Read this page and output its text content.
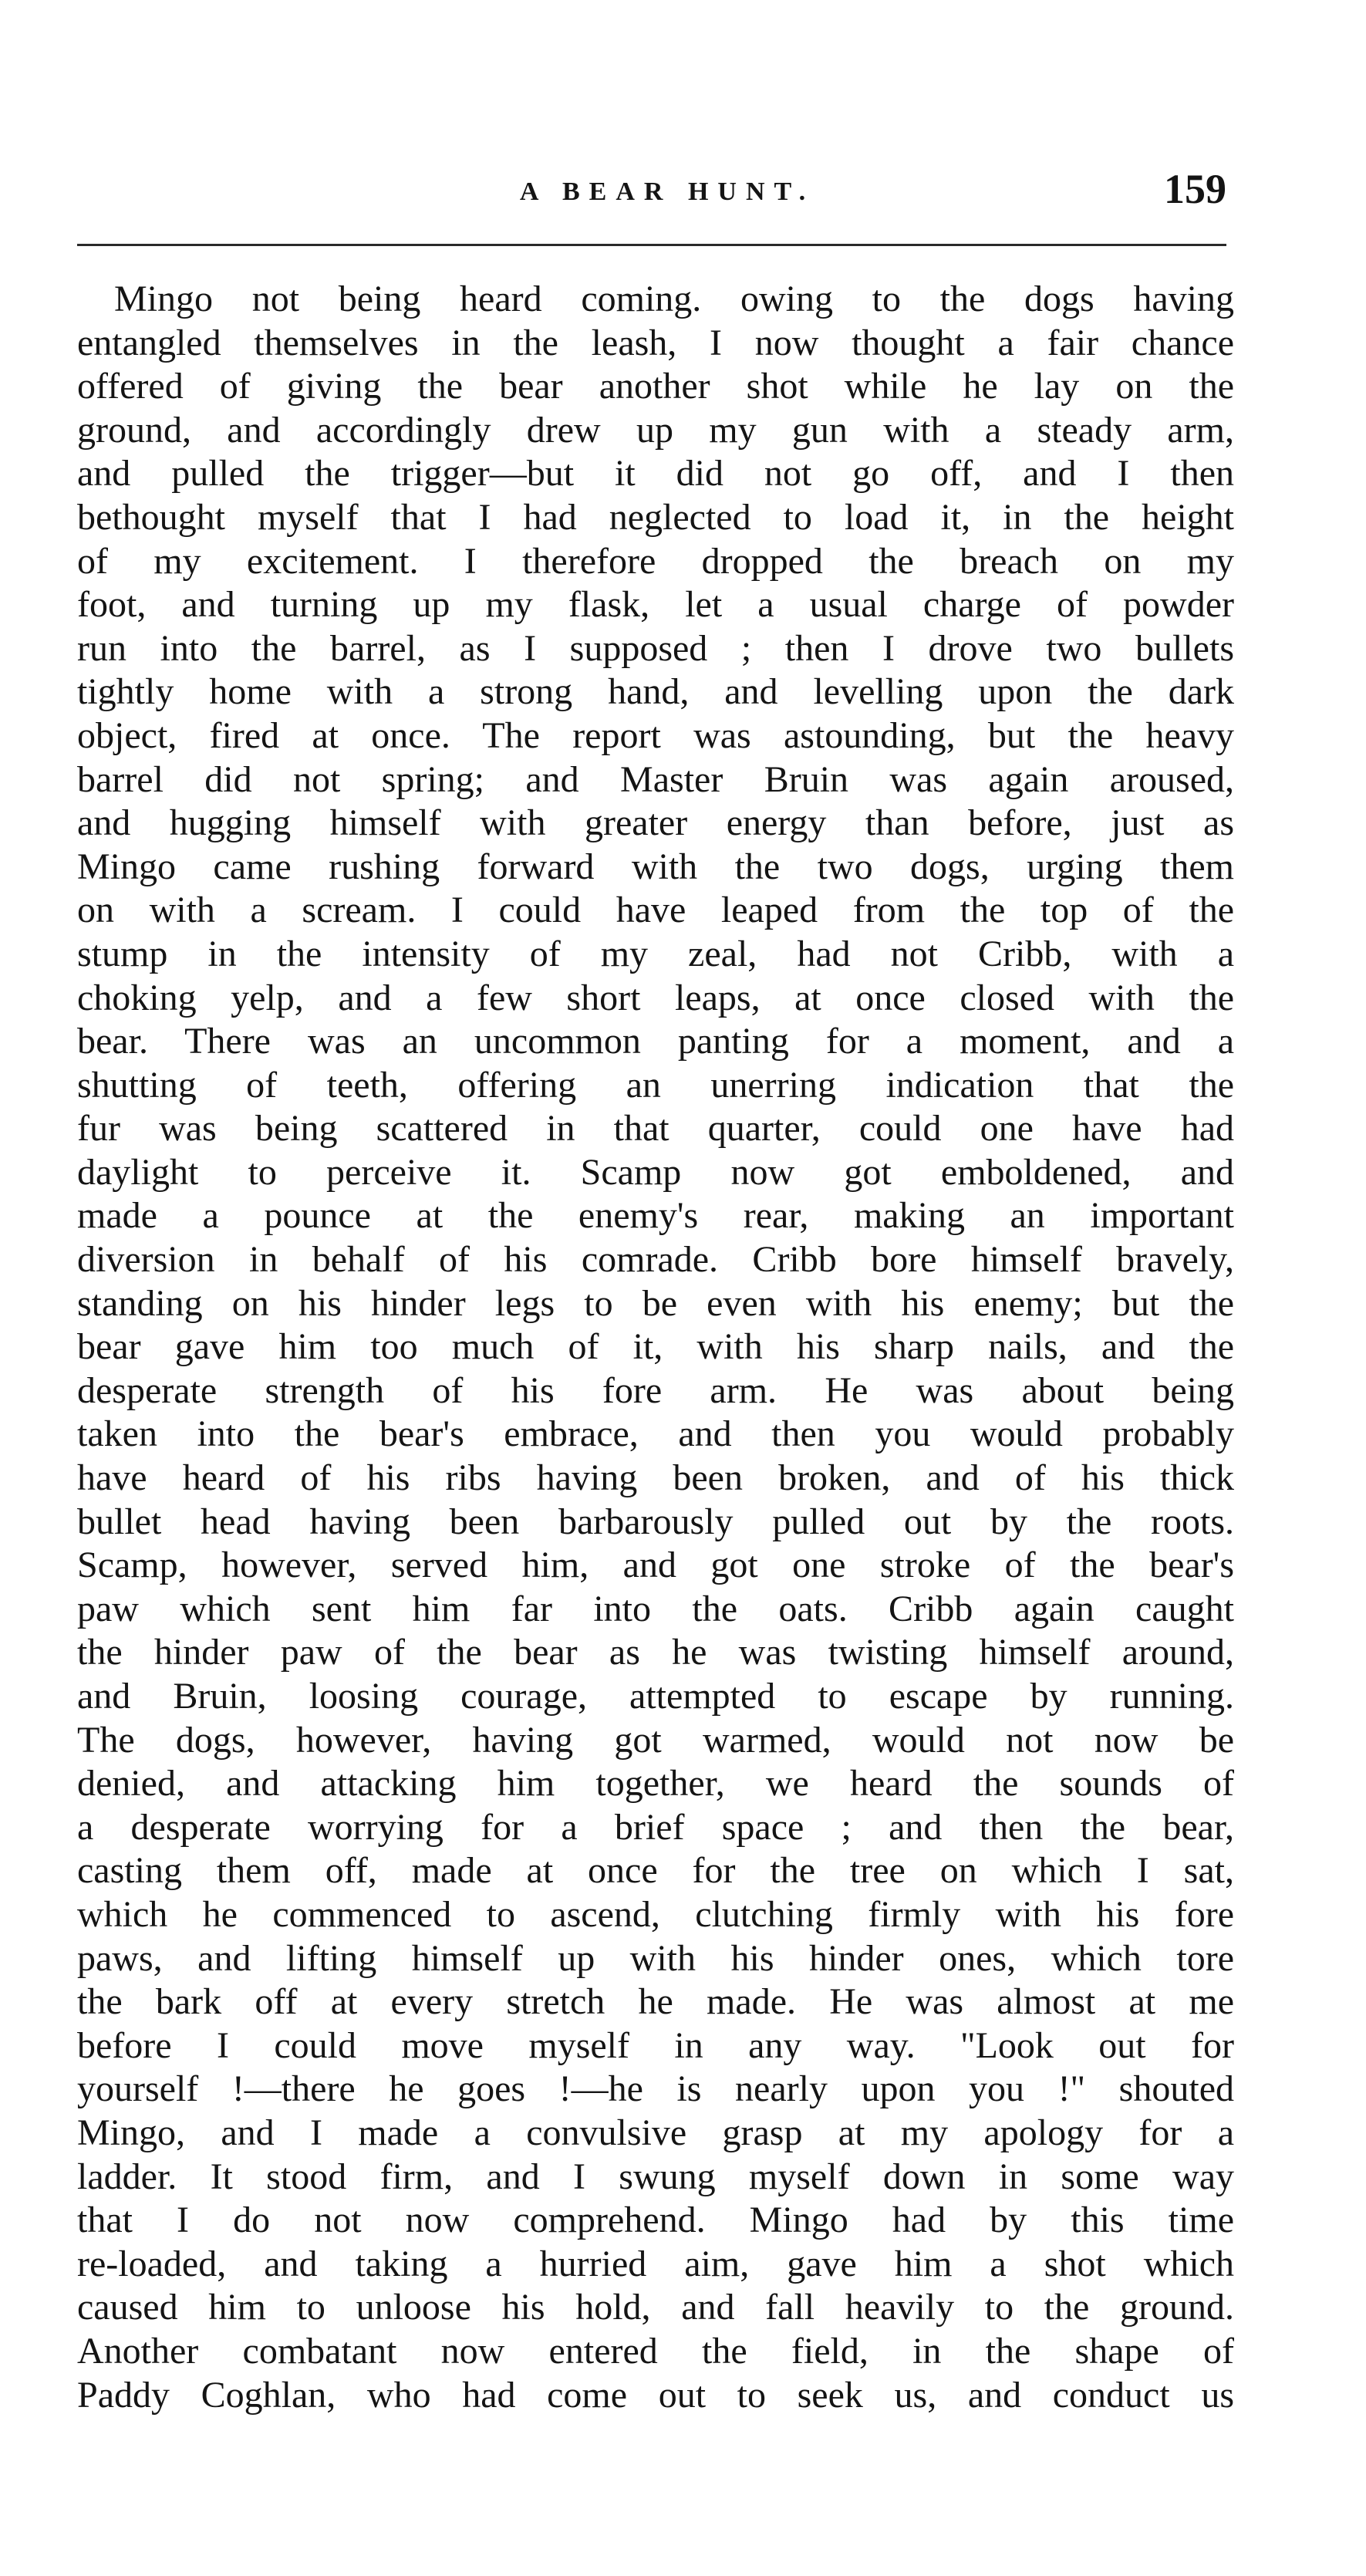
A BEAR HUNT.	159
Mingo not being heard coming. owing to the dogs having
entangled themselves in the leash, I now thought a fair chance
offered of giving the bear another shot while he lay on the
ground, and accordingly drew up my gun with a steady arm,
and pulled the trigger—but it did not go off, and I then
bethought myself that I had neglected to load it, in the height
of my excitement. I therefore dropped the breach on my
foot, and turning up my flask, let a usual charge of powder
run into the barrel, as I supposed ; then I drove two bullets
tightly home with a strong hand, and levelling upon the dark
object, fired at once. The report was astounding, but the heavy
barrel did not spring; and Master Bruin was again aroused,
and hugging himself with greater energy than before, just as
Mingo came rushing forward with the two dogs, urging them
on with a scream. I could have leaped from the top of the
stump in the intensity of my zeal, had not Cribb, with a
choking yelp, and a few short leaps, at once closed with the
bear. There was an uncommon panting for a moment, and a
shutting of teeth, offering an unerring indication that the
fur was being scattered in that quarter, could one have had
daylight to perceive it. Scamp now got emboldened, and
made a pounce at the enemy's rear, making an important
diversion in behalf of his comrade. Cribb bore himself bravely,
standing on his hinder legs to be even with his enemy; but the
bear gave him too much of it, with his sharp nails, and the
desperate strength of his fore arm. He was about being
taken into the bear's embrace, and then you would probably
have heard of his ribs having been broken, and of his thick
bullet head having been barbarously pulled out by the roots.
Scamp, however, served him, and got one stroke of the bear's
paw which sent him far into the oats. Cribb again caught
the hinder paw of the bear as he was twisting himself around,
and Bruin, loosing courage, attempted to escape by running.
The dogs, however, having got warmed, would not now be
denied, and attacking him together, we heard the sounds of
a desperate worrying for a brief space ; and then the bear,
casting them off, made at once for the tree on which I sat,
which he commenced to ascend, clutching firmly with his fore
paws, and lifting himself up with his hinder ones, which tore
the bark off at every stretch he made. He was almost at me
before I could move myself in any way. "Look out for
yourself !—there he goes !—he is nearly upon you !" shouted
Mingo, and I made a convulsive grasp at my apology for a
ladder. It stood firm, and I swung myself down in some way
that I do not now comprehend. Mingo had by this time
re-loaded, and taking a hurried aim, gave him a shot which
caused him to unloose his hold, and fall heavily to the ground.
Another combatant now entered the field, in the shape of
Paddy Coghlan, who had come out to seek us, and conduct us
